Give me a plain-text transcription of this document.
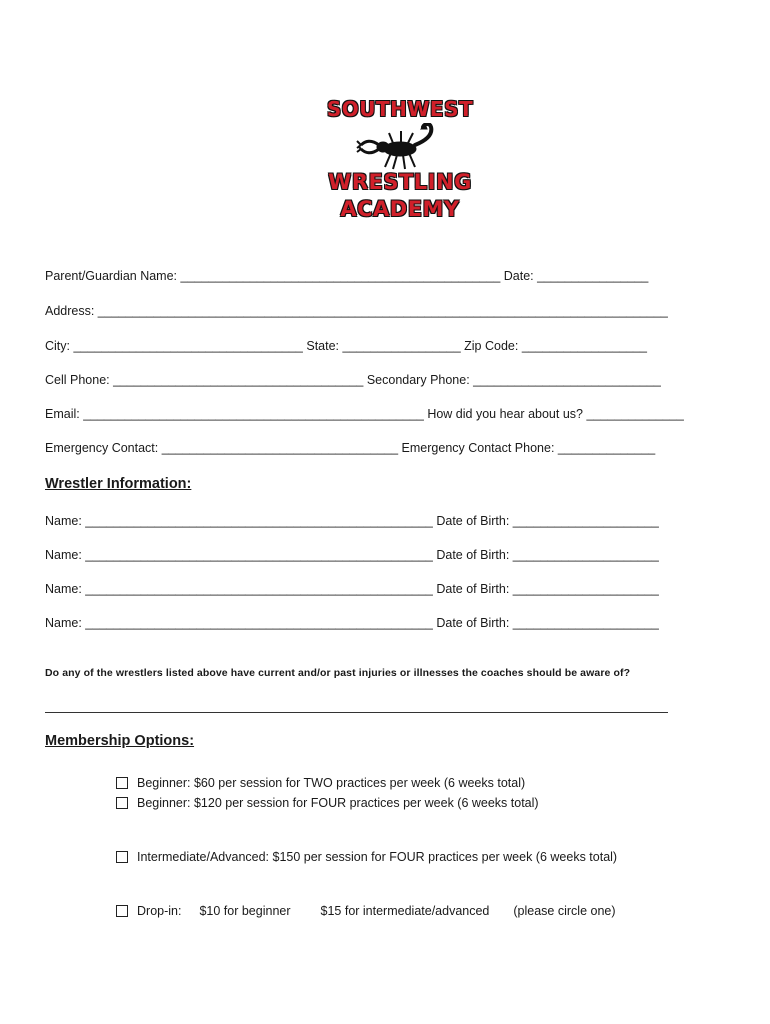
SOUTHWEST
WRESTLING
ACADEMY
Parent/Guardian Name: ______________________________________________ Date: ________________
Address: __________________________________________________________________________________
City: _________________________________ State: _________________ Zip Code: __________________
Cell Phone: ____________________________________ Secondary Phone: ___________________________
Email: _________________________________________________ How did you hear about us? ______________
Emergency Contact: __________________________________ Emergency Contact Phone: ______________
Wrestler Information:
Name: __________________________________________________ Date of Birth: _____________________
Name: __________________________________________________ Date of Birth: _____________________
Name: __________________________________________________ Date of Birth: _____________________
Name: __________________________________________________ Date of Birth: _____________________
Do any of the wrestlers listed above have current and/or past injuries or illnesses the coaches should be aware of?
Membership Options:
Beginner: $60 per session for TWO practices per week (6 weeks total)
Beginner: $120 per session for FOUR practices per week (6 weeks total)
Intermediate/Advanced: $150 per session for FOUR practices per week (6 weeks total)
Drop-in: $10 for beginner $15 for intermediate/advanced (please circle one)
